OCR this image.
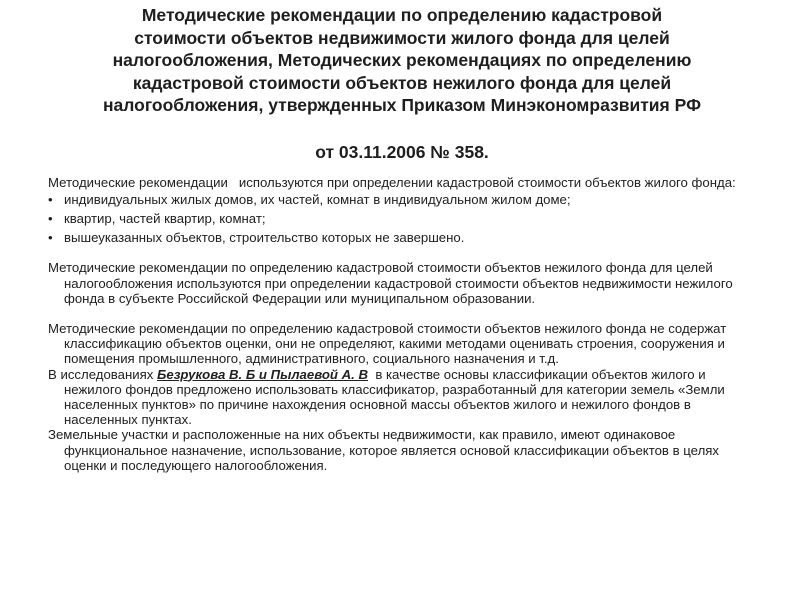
Методические рекомендации по определению кадастровой
стоимости объектов недвижимости жилого фонда для целей
налогообложения, Методических рекомендациях по определению
кадастровой стоимости объектов нежилого фонда для целей
налогообложения, утвержденных Приказом Минэкономразвития РФ
от 03.11.2006 № 358.

Методические рекомендации   используются при определении кадастровой стоимости объектов жилого фонда:

• индивидуальных жилых домов, их частей, комнат в индивидуальном жилом доме;
• квартир, частей квартир, комнат;
• вышеуказанных объектов, строительство которых не завершено.

Методические рекомендации по определению кадастровой стоимости объектов нежилого фонда для целей налогообложения используются при определении кадастровой стоимости объектов недвижимости нежилого фонда в субъекте Российской Федерации или муниципальном образовании.

Методические рекомендации по определению кадастровой стоимости объектов нежилого фонда не содержат классификацию объектов оценки, они не определяют, какими методами оценивать строения, сооружения и помещения промышленного, административного, социального назначения и т.д.

В исследованиях Безрукова В. Б и Пылаевой А. В  в качестве основы классификации объектов жилого и нежилого фондов предложено использовать классификатор, разработанный для категории земель «Земли населенных пунктов» по причине нахождения основной массы объектов жилого и нежилого фондов в населенных пунктах.

Земельные участки и расположенные на них объекты недвижимости, как правило, имеют одинаковое функциональное назначение, использование, которое является основой классификации объектов в целях оценки и последующего налогообложения.
